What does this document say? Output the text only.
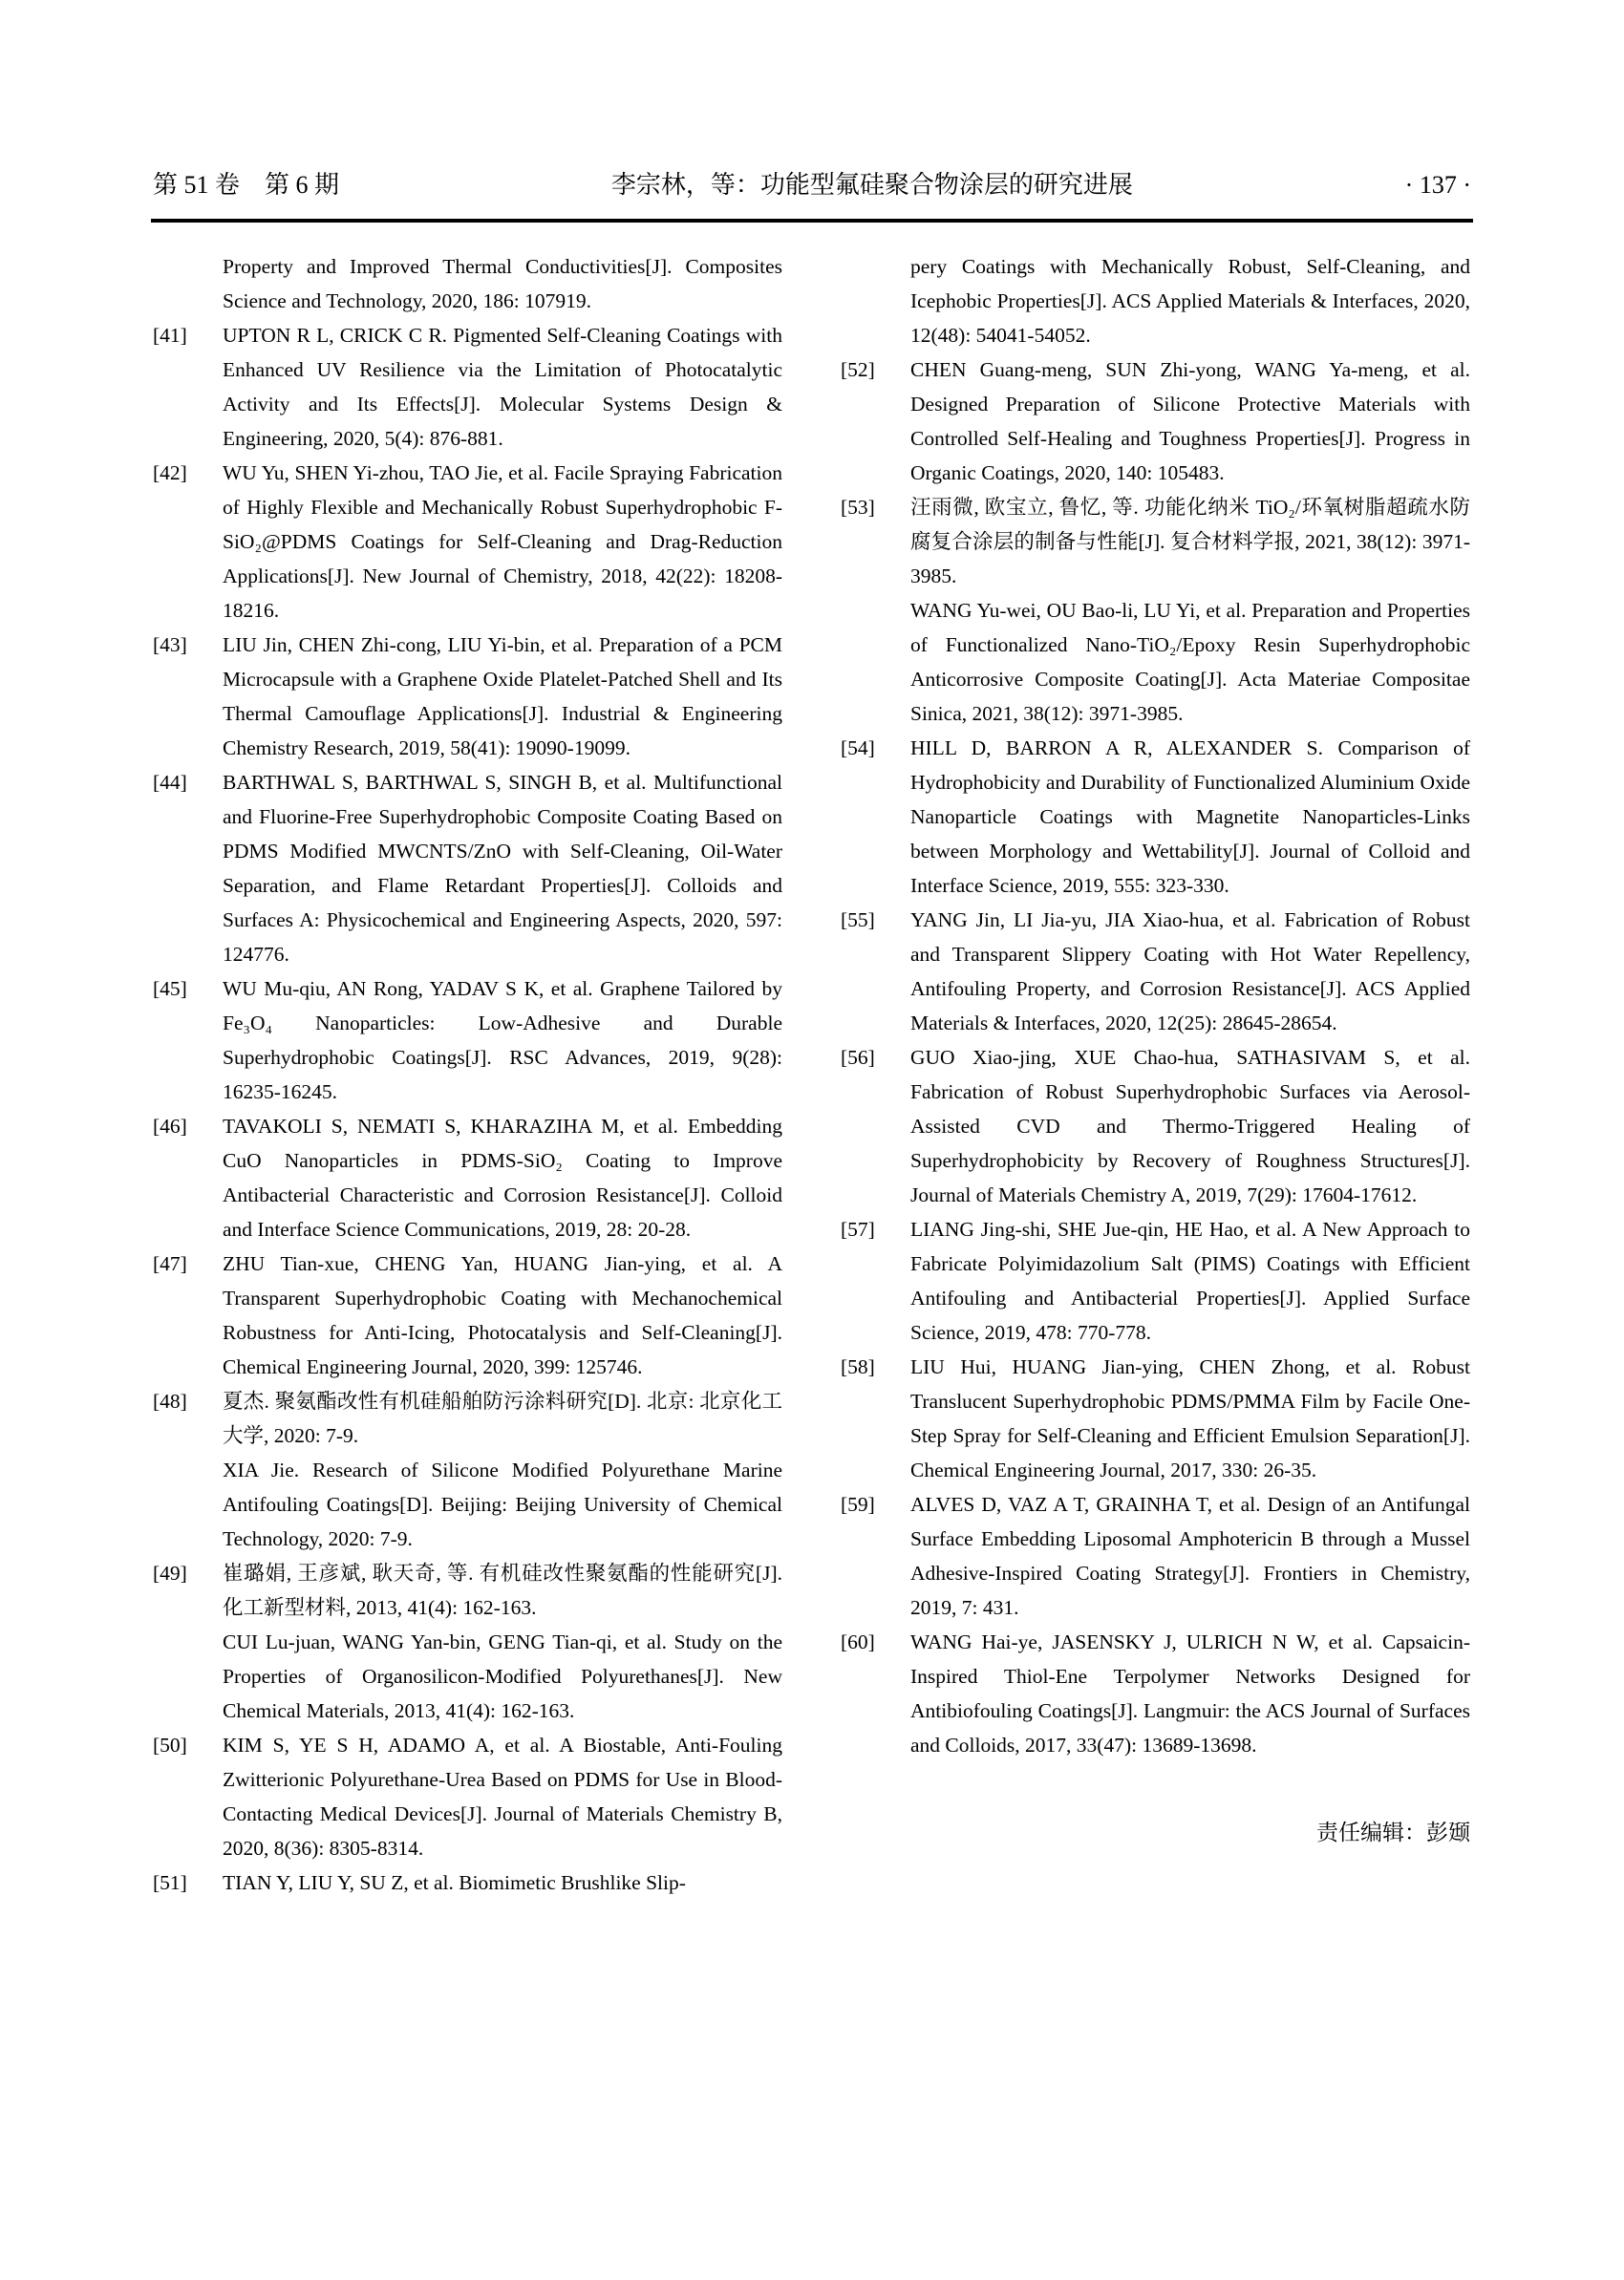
第 51 卷　第 6 期	李宗林，等：功能型氟硅聚合物涂层的研究进展	· 137 ·

Property and Improved Thermal Conductivities[J]. Composites Science and Technology, 2020, 186: 107919.

[41] UPTON R L, CRICK C R. Pigmented Self-Cleaning Coatings with Enhanced UV Resilience via the Limitation of Photocatalytic Activity and Its Effects[J]. Molecular Systems Design & Engineering, 2020, 5(4): 876-881.

[42] WU Yu, SHEN Yi-zhou, TAO Jie, et al. Facile Spraying Fabrication of Highly Flexible and Mechanically Robust Superhydrophobic F-SiO₂@PDMS Coatings for Self-Cleaning and Drag-Reduction Applications[J]. New Journal of Chemistry, 2018, 42(22): 18208-18216.

[43] LIU Jin, CHEN Zhi-cong, LIU Yi-bin, et al. Preparation of a PCM Microcapsule with a Graphene Oxide Platelet-Patched Shell and Its Thermal Camouflage Applications[J]. Industrial & Engineering Chemistry Research, 2019, 58(41): 19090-19099.

[44] BARTHWAL S, BARTHWAL S, SINGH B, et al. Multifunctional and Fluorine-Free Superhydrophobic Composite Coating Based on PDMS Modified MWCNTS/ZnO with Self-Cleaning, Oil-Water Separation, and Flame Retardant Properties[J]. Colloids and Surfaces A: Physicochemical and Engineering Aspects, 2020, 597: 124776.

[45] WU Mu-qiu, AN Rong, YADAV S K, et al. Graphene Tailored by Fe₃O₄ Nanoparticles: Low-Adhesive and Durable Superhydrophobic Coatings[J]. RSC Advances, 2019, 9(28): 16235-16245.

[46] TAVAKOLI S, NEMATI S, KHARAZIHA M, et al. Embedding CuO Nanoparticles in PDMS-SiO₂ Coating to Improve Antibacterial Characteristic and Corrosion Resistance[J]. Colloid and Interface Science Communications, 2019, 28: 20-28.

[47] ZHU Tian-xue, CHENG Yan, HUANG Jian-ying, et al. A Transparent Superhydrophobic Coating with Mechanochemical Robustness for Anti-Icing, Photocatalysis and Self-Cleaning[J]. Chemical Engineering Journal, 2020, 399: 125746.

[48] 夏杰. 聚氨酯改性有机硅船舶防污涂料研究[D]. 北京: 北京化工大学, 2020: 7-9.

XIA Jie. Research of Silicone Modified Polyurethane Marine Antifouling Coatings[D]. Beijing: Beijing University of Chemical Technology, 2020: 7-9.

[49] 崔璐娟, 王彦斌, 耿天奇, 等. 有机硅改性聚氨酯的性能研究[J]. 化工新型材料, 2013, 41(4): 162-163.

CUI Lu-juan, WANG Yan-bin, GENG Tian-qi, et al. Study on the Properties of Organosilicon-Modified Polyurethanes[J]. New Chemical Materials, 2013, 41(4): 162-163.

[50] KIM S, YE S H, ADAMO A, et al. A Biostable, Anti-Fouling Zwitterionic Polyurethane-Urea Based on PDMS for Use in Blood-Contacting Medical Devices[J]. Journal of Materials Chemistry B, 2020, 8(36): 8305-8314.

[51] TIAN Y, LIU Y, SU Z, et al. Biomimetic Brushlike Slip-

pery Coatings with Mechanically Robust, Self-Cleaning, and Icephobic Properties[J]. ACS Applied Materials & Interfaces, 2020, 12(48): 54041-54052.

[52] CHEN Guang-meng, SUN Zhi-yong, WANG Ya-meng, et al. Designed Preparation of Silicone Protective Materials with Controlled Self-Healing and Toughness Properties[J]. Progress in Organic Coatings, 2020, 140: 105483.

[53] 汪雨微, 欧宝立, 鲁忆, 等. 功能化纳米 TiO₂/环氧树脂超疏水防腐复合涂层的制备与性能[J]. 复合材料学报, 2021, 38(12): 3971-3985.

WANG Yu-wei, OU Bao-li, LU Yi, et al. Preparation and Properties of Functionalized Nano-TiO₂/Epoxy Resin Superhydrophobic Anticorrosive Composite Coating[J]. Acta Materiae Compositae Sinica, 2021, 38(12): 3971-3985.

[54] HILL D, BARRON A R, ALEXANDER S. Comparison of Hydrophobicity and Durability of Functionalized Aluminium Oxide Nanoparticle Coatings with Magnetite Nanoparticles-Links between Morphology and Wettability[J]. Journal of Colloid and Interface Science, 2019, 555: 323-330.

[55] YANG Jin, LI Jia-yu, JIA Xiao-hua, et al. Fabrication of Robust and Transparent Slippery Coating with Hot Water Repellency, Antifouling Property, and Corrosion Resistance[J]. ACS Applied Materials & Interfaces, 2020, 12(25): 28645-28654.

[56] GUO Xiao-jing, XUE Chao-hua, SATHASIVAM S, et al. Fabrication of Robust Superhydrophobic Surfaces via Aerosol-Assisted CVD and Thermo-Triggered Healing of Superhydrophobicity by Recovery of Roughness Structures[J]. Journal of Materials Chemistry A, 2019, 7(29): 17604-17612.

[57] LIANG Jing-shi, SHE Jue-qin, HE Hao, et al. A New Approach to Fabricate Polyimidazolium Salt (PIMS) Coatings with Efficient Antifouling and Antibacterial Properties[J]. Applied Surface Science, 2019, 478: 770-778.

[58] LIU Hui, HUANG Jian-ying, CHEN Zhong, et al. Robust Translucent Superhydrophobic PDMS/PMMA Film by Facile One-Step Spray for Self-Cleaning and Efficient Emulsion Separation[J]. Chemical Engineering Journal, 2017, 330: 26-35.

[59] ALVES D, VAZ A T, GRAINHA T, et al. Design of an Antifungal Surface Embedding Liposomal Amphotericin B through a Mussel Adhesive-Inspired Coating Strategy[J]. Frontiers in Chemistry, 2019, 7: 431.

[60] WANG Hai-ye, JASENSKY J, ULRICH N W, et al. Capsaicin-Inspired Thiol-Ene Terpolymer Networks Designed for Antibiofouling Coatings[J]. Langmuir: the ACS Journal of Surfaces and Colloids, 2017, 33(47): 13689-13698.

责任编辑：彭颋
